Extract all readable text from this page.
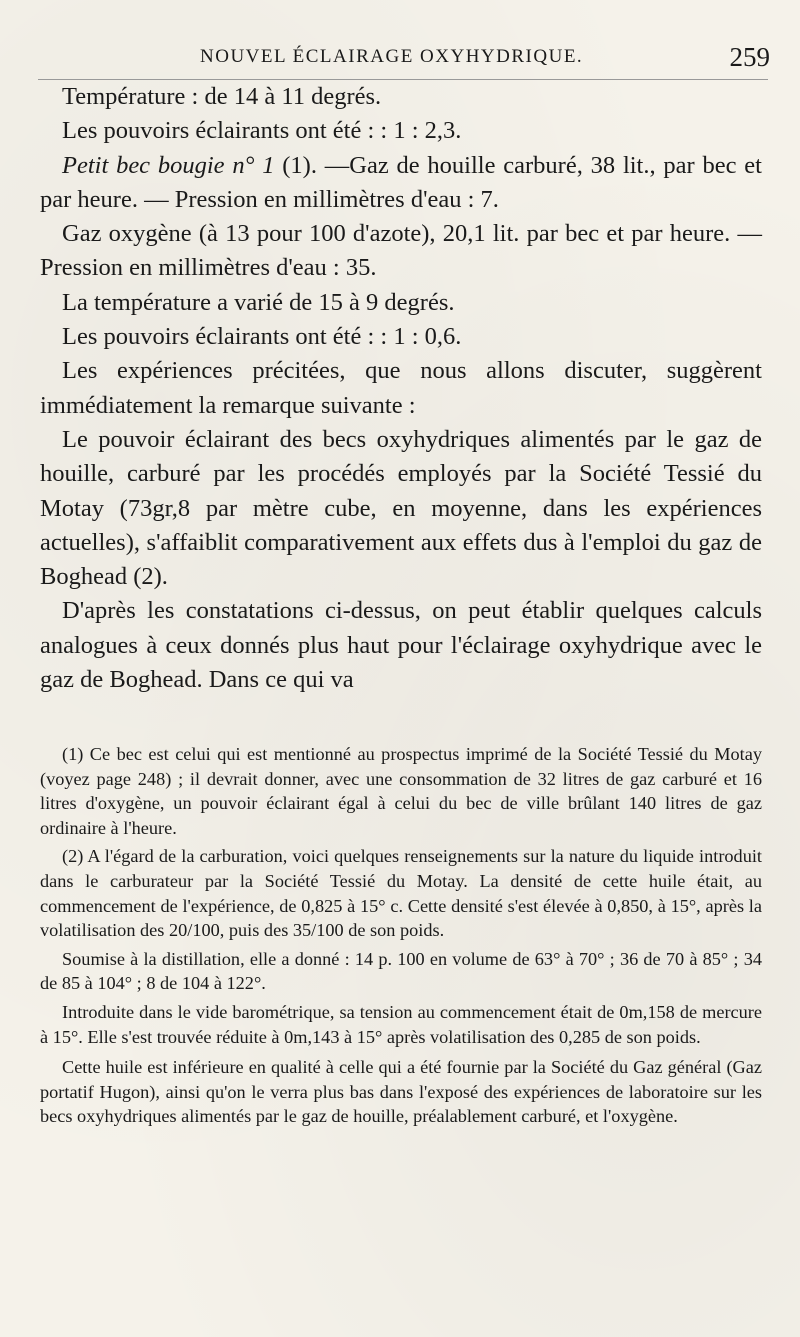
NOUVEL ÉCLAIRAGE OXYHYDRIQUE.	259

Température : de 14 à 11 degrés.

Les pouvoirs éclairants ont été : : 1 : 2,3.

Petit bec bougie n° 1 (1). —Gaz de houille carburé, 38 lit., par bec et par heure. — Pression en millimètres d'eau : 7.

Gaz oxygène (à 13 pour 100 d'azote), 20,1 lit. par bec et par heure. — Pression en millimètres d'eau : 35.

La température a varié de 15 à 9 degrés.

Les pouvoirs éclairants ont été : : 1 : 0,6.

Les expériences précitées, que nous allons discuter, suggèrent immédiatement la remarque suivante :

Le pouvoir éclairant des becs oxyhydriques alimentés par le gaz de houille, carburé par les procédés employés par la Société Tessié du Motay (73gr,8 par mètre cube, en moyenne, dans les expériences actuelles), s'affaiblit comparativement aux effets dus à l'emploi du gaz de Boghead (2).

D'après les constatations ci-dessus, on peut établir quelques calculs analogues à ceux donnés plus haut pour l'éclairage oxyhydrique avec le gaz de Boghead. Dans ce qui va

(1) Ce bec est celui qui est mentionné au prospectus imprimé de la Société Tessié du Motay (voyez page 248) ; il devrait donner, avec une consommation de 32 litres de gaz carburé et 16 litres d'oxygène, un pouvoir éclairant égal à celui du bec de ville brûlant 140 litres de gaz ordinaire à l'heure.

(2) A l'égard de la carburation, voici quelques renseignements sur la nature du liquide introduit dans le carburateur par la Société Tessié du Motay. La densité de cette huile était, au commencement de l'expérience, de 0,825 à 15° c. Cette densité s'est élevée à 0,850, à 15°, après la volatilisation des 20/100, puis des 35/100 de son poids.

Soumise à la distillation, elle a donné : 14 p. 100 en volume de 63° à 70° ; 36 de 70 à 85° ; 34 de 85 à 104° ; 8 de 104 à 122°.

Introduite dans le vide barométrique, sa tension au commencement était de 0m,158 de mercure à 15°. Elle s'est trouvée réduite à 0m,143 à 15° après volatilisation des 0,285 de son poids.

Cette huile est inférieure en qualité à celle qui a été fournie par la Société du Gaz général (Gaz portatif Hugon), ainsi qu'on le verra plus bas dans l'exposé des expériences de laboratoire sur les becs oxyhydriques alimentés par le gaz de houille, préalablement carburé, et l'oxygène.
